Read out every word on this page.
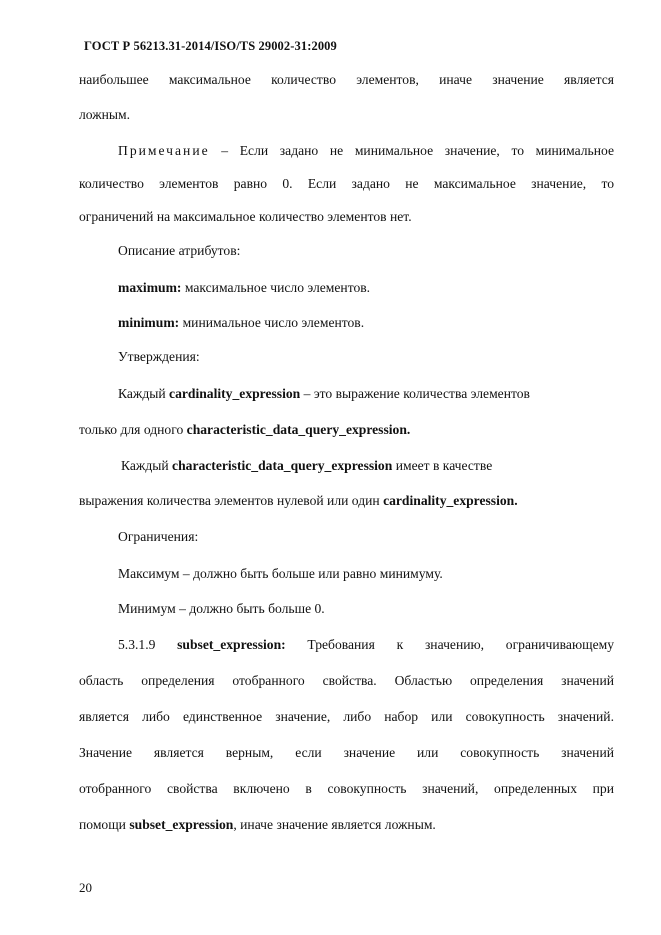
ГОСТ Р 56213.31-2014/ISO/TS 29002-31:2009
наибольшее максимальное количество элементов, иначе значение является
ложным.
Примечание – Если задано не минимальное значение, то минимальное
количество элементов равно 0. Если задано не максимальное значение, то
ограничений на максимальное количество элементов нет.
Описание атрибутов:
maximum: максимальное число элементов.
minimum: минимальное число элементов.
Утверждения:
Каждый cardinality_expression – это выражение количества элементов
только для одного characteristic_data_query_expression.
Каждый characteristic_data_query_expression имеет в качестве
выражения количества элементов нулевой или один cardinality_expression.
Ограничения:
Максимум – должно быть больше или равно минимуму.
Минимум – должно быть больше 0.
5.3.1.9 subset_expression: Требования к значению, ограничивающему
область определения отобранного свойства. Областью определения значений
является либо единственное значение, либо набор или совокупность значений.
Значение является верным, если значение или совокупность значений
отобранного свойства включено в совокупность значений, определенных при
помощи subset_expression, иначе значение является ложным.
20
